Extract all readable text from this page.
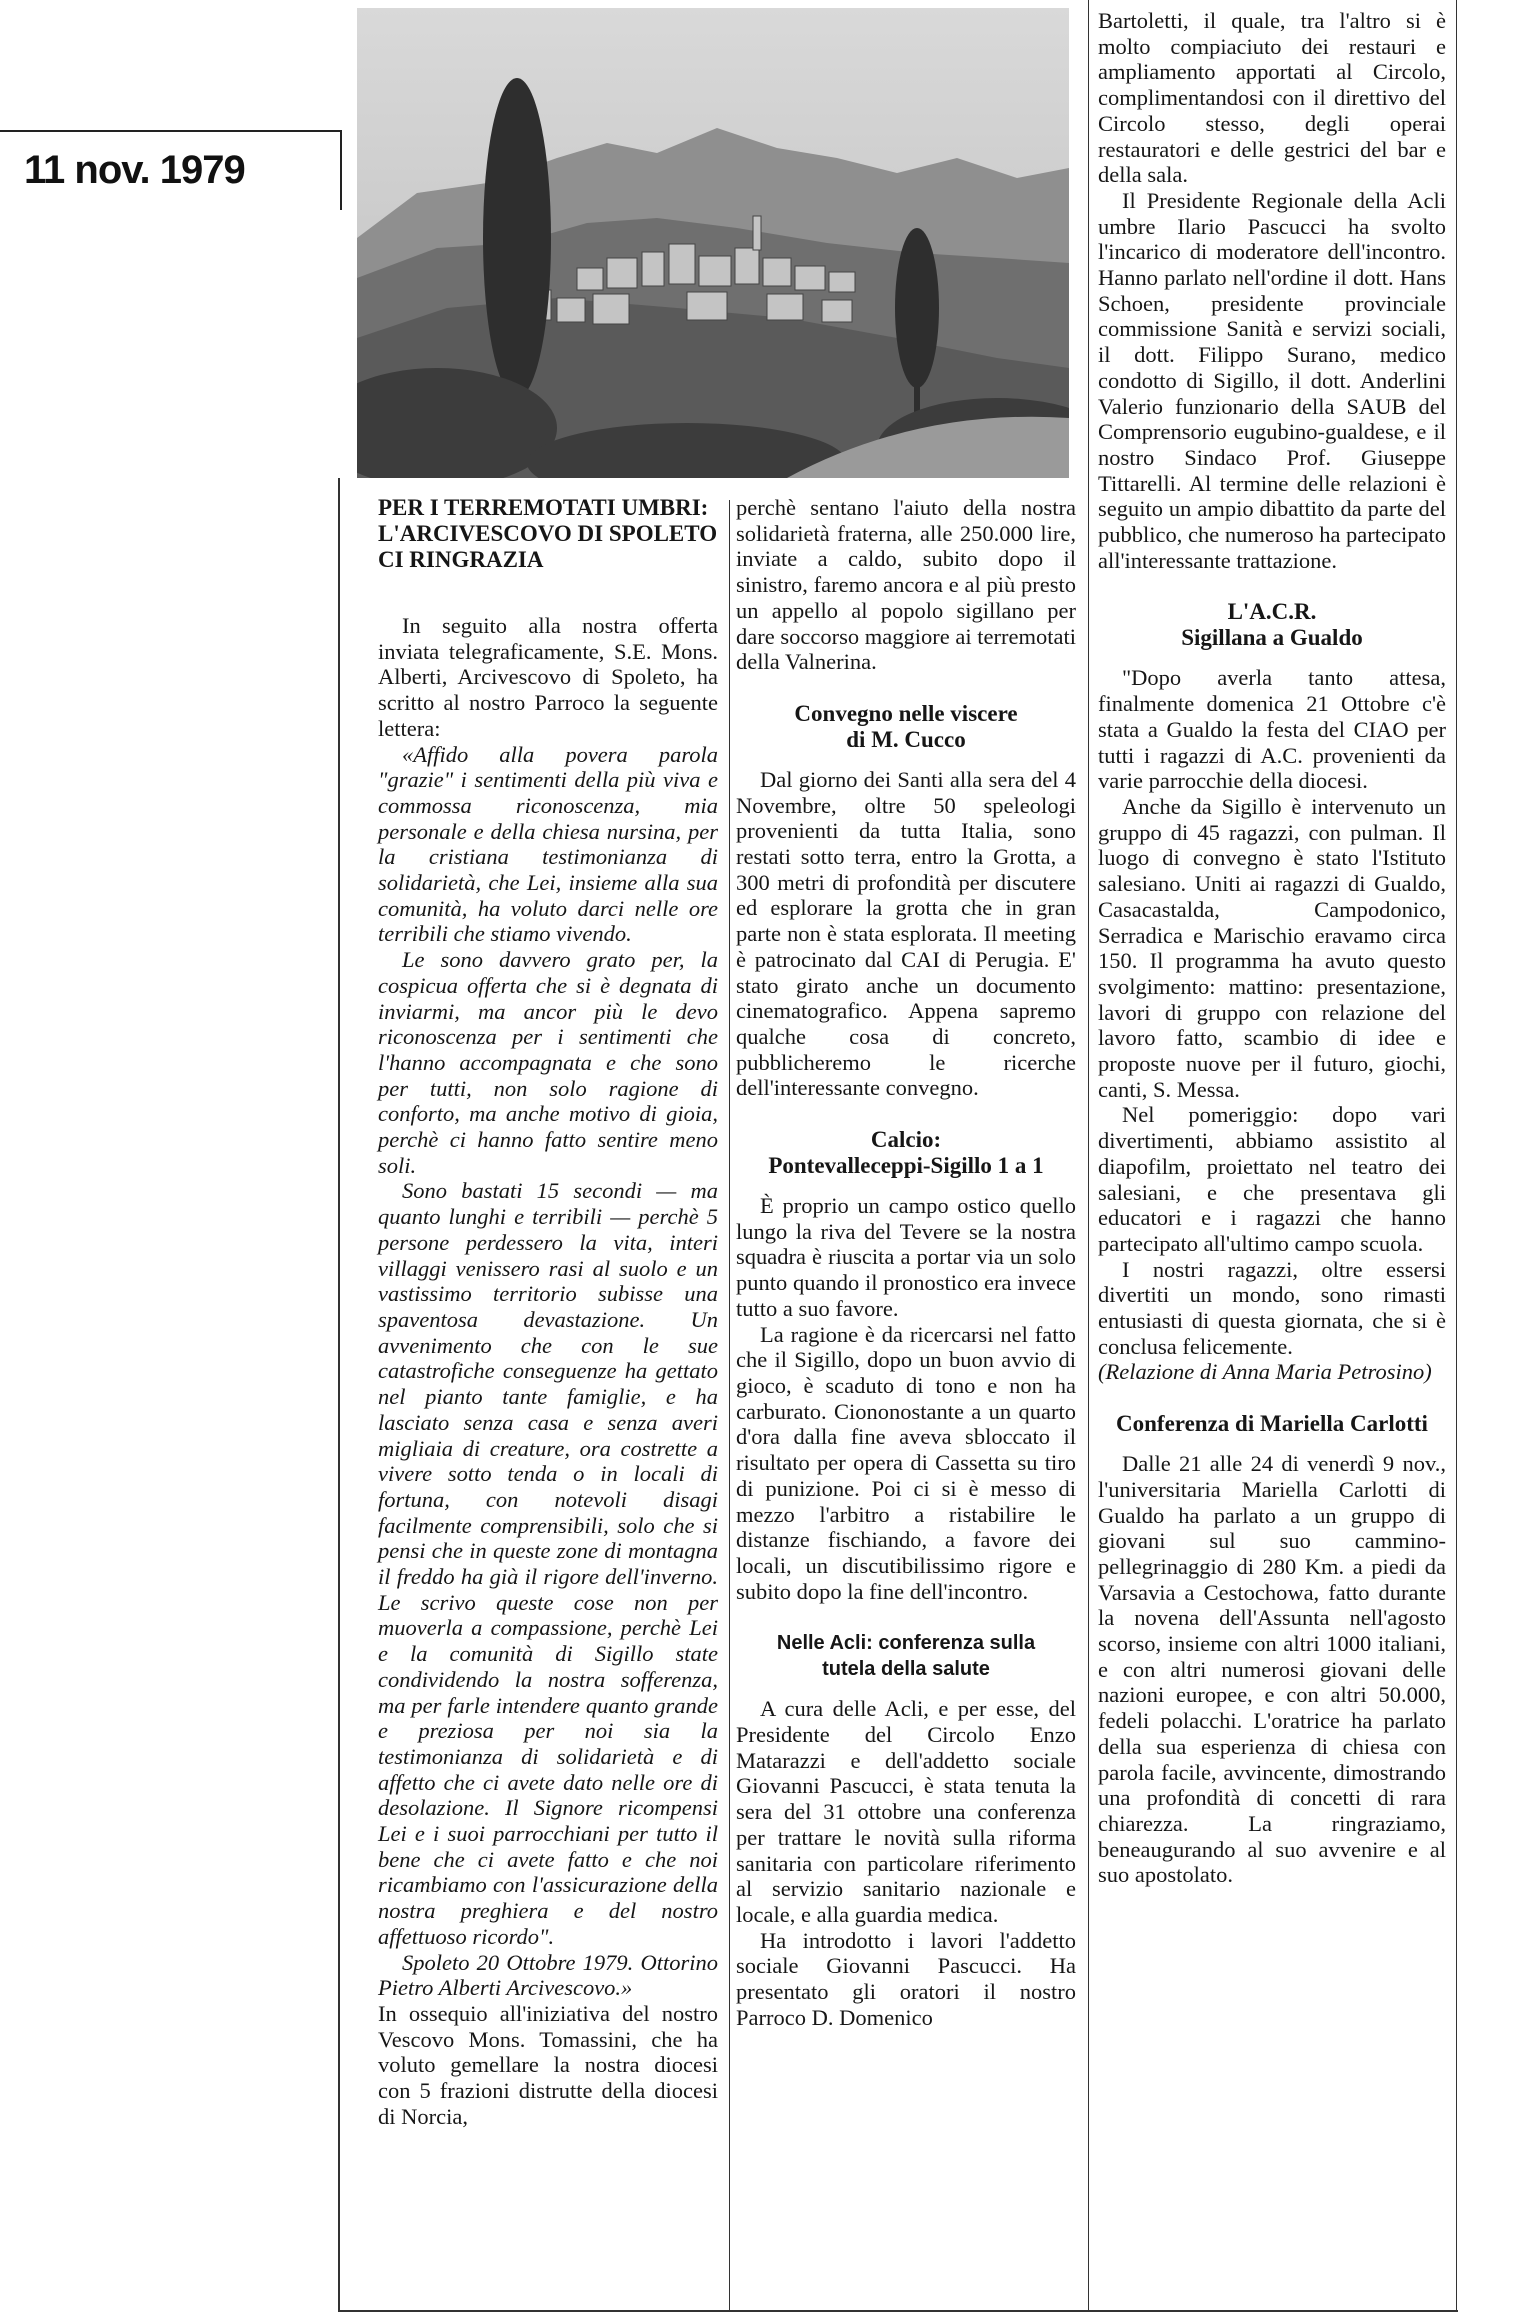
11 nov. 1979
PER I TERREMOTATI UMBRI: L'ARCIVESCOVO DI SPOLETO CI RINGRAZIA

In seguito alla nostra offerta inviata telegraficamente, S.E. Mons. Alberti, Arcivescovo di Spoleto, ha scritto al nostro Parroco la seguente lettera:

«Affido alla povera parola "grazie" i sentimenti della più viva e commossa riconoscenza, mia personale e della chiesa nursina, per la cristiana testimonianza di solidarietà, che Lei, insieme alla sua comunità, ha voluto darci nelle ore terribili che stiamo vivendo.

Le sono davvero grato per, la cospicua offerta che si è degnata di inviarmi, ma ancor più le devo riconoscenza per i sentimenti che l'hanno accompagnata e che sono per tutti, non solo ragione di conforto, ma anche motivo di gioia, perchè ci hanno fatto sentire meno soli.

Sono bastati 15 secondi — ma quanto lunghi e terribili — perchè 5 persone perdessero la vita, interi villaggi venissero rasi al suolo e un vastissimo territorio subisse una spaventosa devastazione. Un avvenimento che con le sue catastrofiche conseguenze ha gettato nel pianto tante famiglie, e ha lasciato senza casa e senza averi migliaia di creature, ora costrette a vivere sotto tenda o in locali di fortuna, con notevoli disagi facilmente comprensibili, solo che si pensi che in queste zone di montagna il freddo ha già il rigore dell'inverno. Le scrivo queste cose non per muoverla a compassione, perchè Lei e la comunità di Sigillo state condividendo la nostra sofferenza, ma per farle intendere quanto grande e preziosa per noi sia la testimonianza di solidarietà e di affetto che ci avete dato nelle ore di desolazione. Il Signore ricompensi Lei e i suoi parrocchiani per tutto il bene che ci avete fatto e che noi ricambiamo con l'assicurazione della nostra preghiera e del nostro affettuoso ricordo".

Spoleto 20 Ottobre 1979. Ottorino Pietro Alberti Arcivescovo.»

In ossequio all'iniziativa del nostro Vescovo Mons. Tomassini, che ha voluto gemellare la nostra diocesi con 5 frazioni distrutte della diocesi di Norcia,

perchè sentano l'aiuto della nostra solidarietà fraterna, alle 250.000 lire, inviate a caldo, subito dopo il sinistro, faremo ancora e al più presto un appello al popolo sigillano per dare soccorso maggiore ai terremotati della Valnerina.

Convegno nelle viscere
di M. Cucco

Dal giorno dei Santi alla sera del 4 Novembre, oltre 50 speleologi provenienti da tutta Italia, sono restati sotto terra, entro la Grotta, a 300 metri di profondità per discutere ed esplorare la grotta che in gran parte non è stata esplorata. Il meeting è patrocinato dal CAI di Perugia. E' stato girato anche un documento cinematografico. Appena sapremo qualche cosa di concreto, pubblicheremo le ricerche dell'interessante convegno.

Calcio:
Pontevalleceppi-Sigillo 1 a 1

È proprio un campo ostico quello lungo la riva del Tevere se la nostra squadra è riuscita a portar via un solo punto quando il pronostico era invece tutto a suo favore.

La ragione è da ricercarsi nel fatto che il Sigillo, dopo un buon avvio di gioco, è scaduto di tono e non ha carburato. Ciononostante a un quarto d'ora dalla fine aveva sbloccato il risultato per opera di Cassetta su tiro di punizione. Poi ci si è messo di mezzo l'arbitro a ristabilire le distanze fischiando, a favore dei locali, un discutibilissimo rigore e subito dopo la fine dell'incontro.

Nelle Acli: conferenza sulla
tutela della salute

A cura delle Acli, e per esse, del Presidente del Circolo Enzo Matarazzi e dell'addetto sociale Giovanni Pascucci, è stata tenuta la sera del 31 ottobre una conferenza per trattare le novità sulla riforma sanitaria con particolare riferimento al servizio sanitario nazionale e locale, e alla guardia medica.

Ha introdotto i lavori l'addetto sociale Giovanni Pascucci. Ha presentato gli oratori il nostro Parroco D. Domenico

Bartoletti, il quale, tra l'altro si è molto compiaciuto dei restauri e ampliamento apportati al Circolo, complimentandosi con il direttivo del Circolo stesso, degli operai restauratori e delle gestrici del bar e della sala.

Il Presidente Regionale della Acli umbre Ilario Pascucci ha svolto l'incarico di moderatore dell'incontro. Hanno parlato nell'ordine il dott. Hans Schoen, presidente provinciale commissione Sanità e servizi sociali, il dott. Filippo Surano, medico condotto di Sigillo, il dott. Anderlini Valerio funzionario della SAUB del Comprensorio eugubino-gualdese, e il nostro Sindaco Prof. Giuseppe Tittarelli. Al termine delle relazioni è seguito un ampio dibattito da parte del pubblico, che numeroso ha partecipato all'interessante trattazione.

L'A.C.R.
Sigillana a Gualdo

"Dopo averla tanto attesa, finalmente domenica 21 Ottobre c'è stata a Gualdo la festa del CIAO per tutti i ragazzi di A.C. provenienti da varie parrocchie della diocesi.

Anche da Sigillo è intervenuto un gruppo di 45 ragazzi, con pulman. Il luogo di convegno è stato l'Istituto salesiano. Uniti ai ragazzi di Gualdo, Casacastalda, Campodonico, Serradica e Marischio eravamo circa 150. Il programma ha avuto questo svolgimento: mattino: presentazione, lavori di gruppo con relazione del lavoro fatto, scambio di idee e proposte nuove per il futuro, giochi, canti, S. Messa.

Nel pomeriggio: dopo vari divertimenti, abbiamo assistito al diapofilm, proiettato nel teatro dei salesiani, e che presentava gli educatori e i ragazzi che hanno partecipato all'ultimo campo scuola.

I nostri ragazzi, oltre essersi divertiti un mondo, sono rimasti entusiasti di questa giornata, che si è conclusa felicemente.

(Relazione di Anna Maria Petrosino)

Conferenza di Mariella Carlotti

Dalle 21 alle 24 di venerdì 9 nov., l'universitaria Mariella Carlotti di Gualdo ha parlato a un gruppo di giovani sul suo cammino- pellegrinaggio di 280 Km. a piedi da Varsavia a Cestochowa, fatto durante la novena dell'Assunta nell'agosto scorso, insieme con altri 1000 italiani, e con altri numerosi giovani delle nazioni europee, e con altri 50.000, fedeli polacchi. L'oratrice ha parlato della sua esperienza di chiesa con parola facile, avvincente, dimostrando una profondità di concetti di rara chiarezza. La ringraziamo, beneaugurando al suo avvenire e al suo apostolato.
